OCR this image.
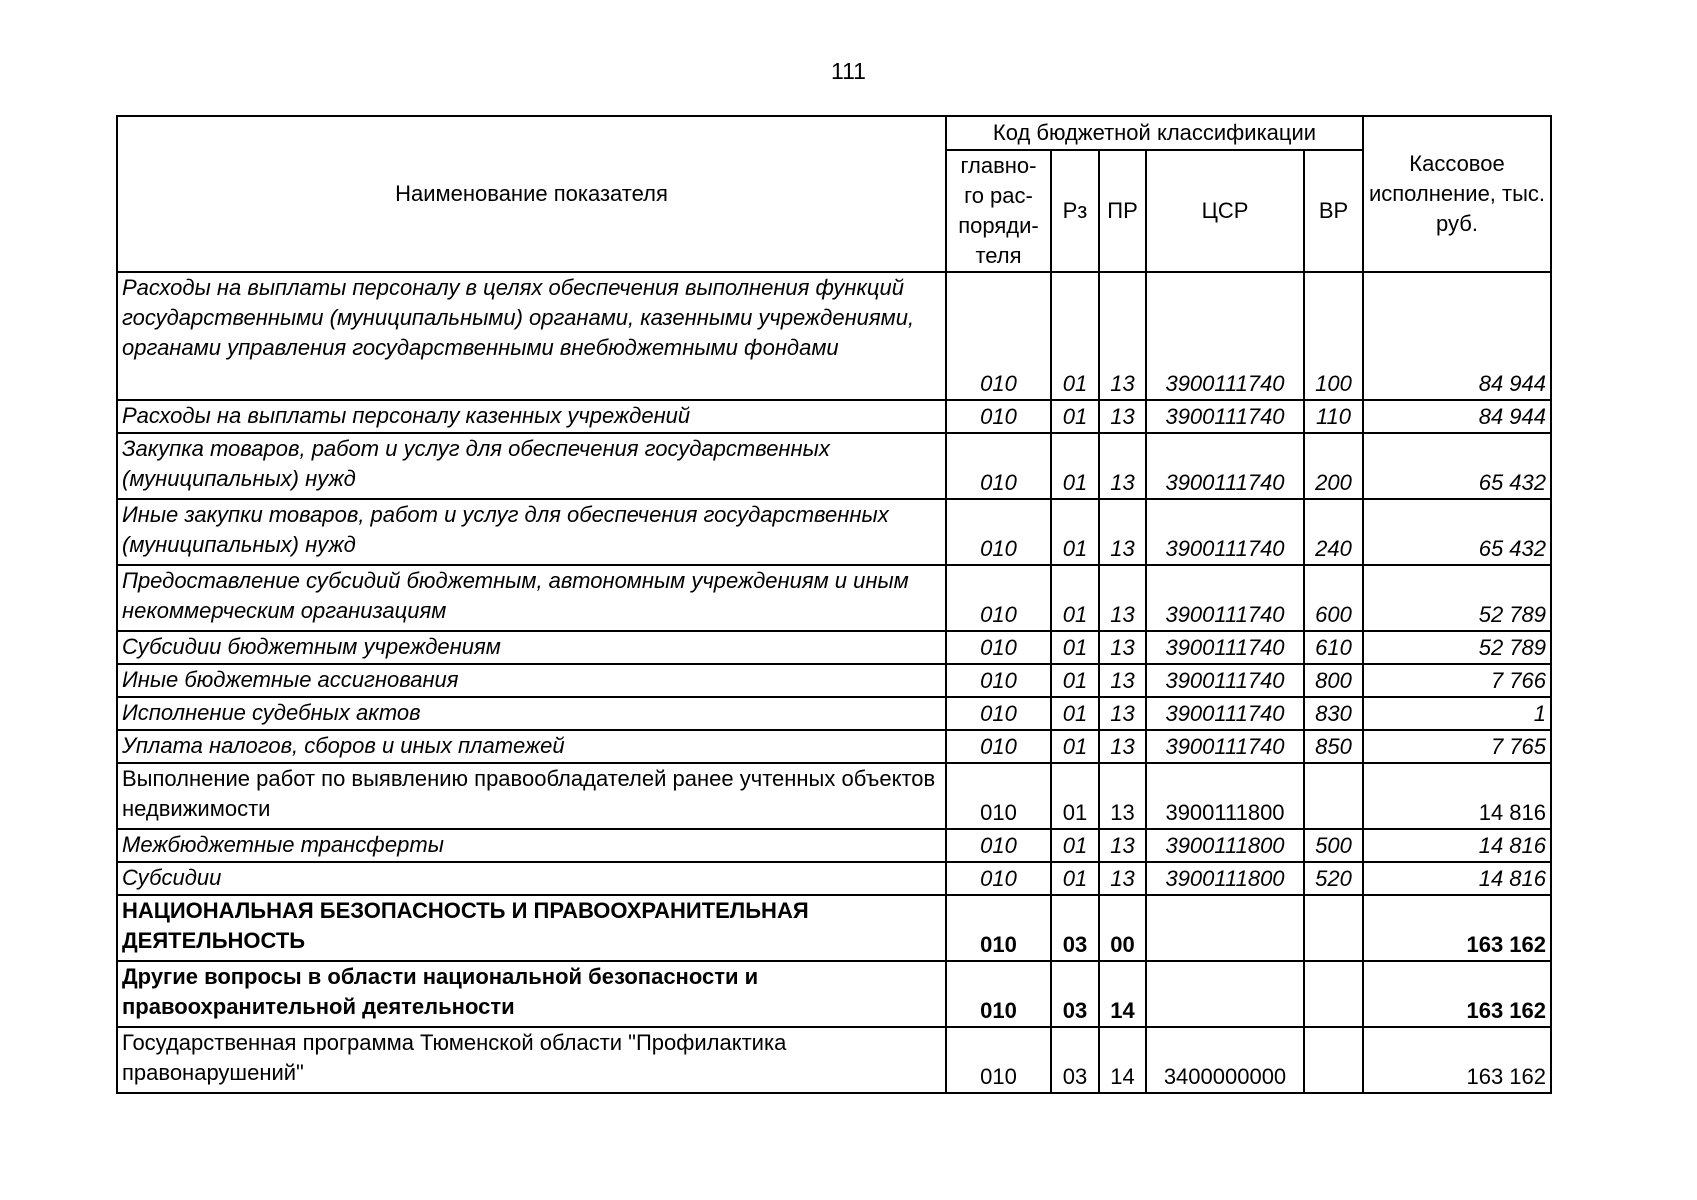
111
Наименование показателя	Код бюджетной классификации					Кассовое исполнение, тыс. руб.
	главно-го рас-поряди-теля	Рз	ПР	ЦСР	ВР	
Расходы на выплаты персоналу в целях обеспечения выполнения функций государственными (муниципальными) органами, казенными учреждениями, органами управления государственными внебюджетными фондами	010	01	13	3900111740	100	84 944
Расходы на выплаты персоналу казенных учреждений	010	01	13	3900111740	110	84 944
Закупка товаров, работ и услуг для обеспечения государственных (муниципальных) нужд	010	01	13	3900111740	200	65 432
Иные закупки товаров, работ и услуг для обеспечения государственных (муниципальных) нужд	010	01	13	3900111740	240	65 432
Предоставление субсидий бюджетным, автономным учреждениям и иным некоммерческим организациям	010	01	13	3900111740	600	52 789
Субсидии бюджетным учреждениям	010	01	13	3900111740	610	52 789
Иные бюджетные ассигнования	010	01	13	3900111740	800	7 766
Исполнение судебных актов	010	01	13	3900111740	830	1
Уплата налогов, сборов и иных платежей	010	01	13	3900111740	850	7 765
Выполнение работ по выявлению правообладателей ранее учтенных объектов недвижимости	010	01	13	3900111800		14 816
Межбюджетные трансферты	010	01	13	3900111800	500	14 816
Субсидии	010	01	13	3900111800	520	14 816
НАЦИОНАЛЬНАЯ БЕЗОПАСНОСТЬ И ПРАВООХРАНИТЕЛЬНАЯ ДЕЯТЕЛЬНОСТЬ	010	03	00			163 162
Другие вопросы в области национальной безопасности и правоохранительной деятельности	010	03	14			163 162
Государственная программа Тюменской области "Профилактика правонарушений"	010	03	14	3400000000		163 162
